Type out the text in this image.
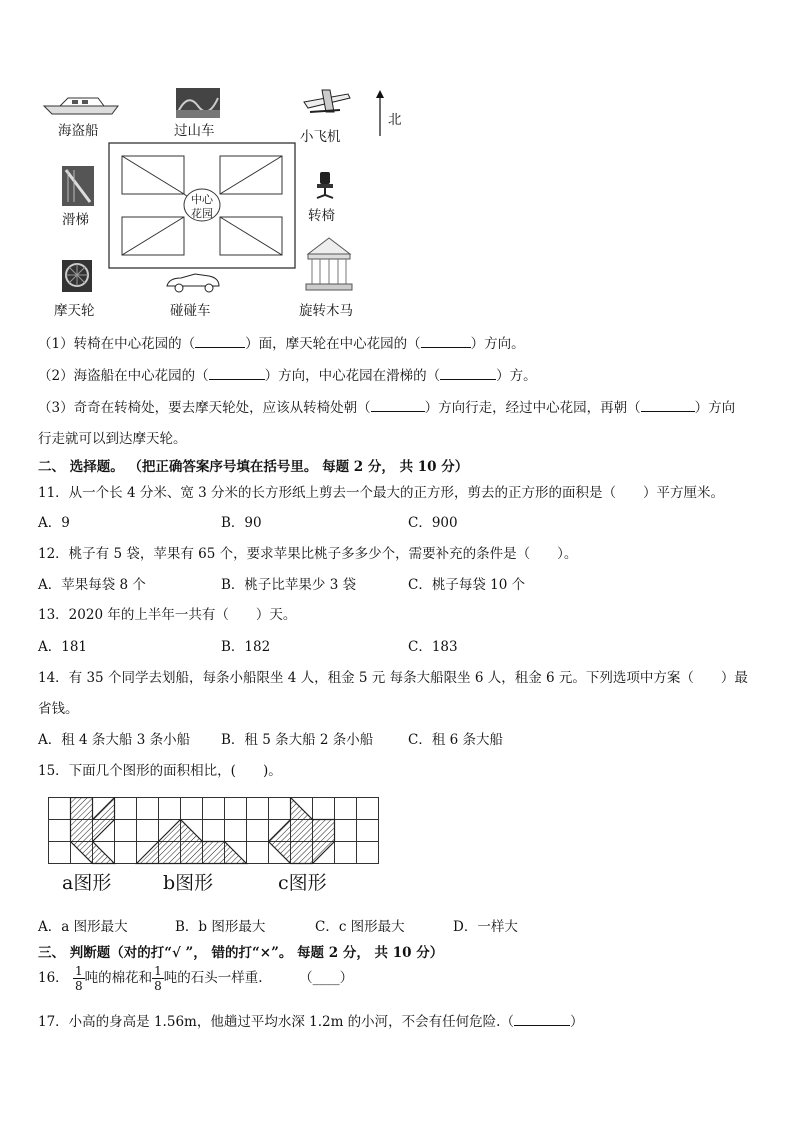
海盗船	过山车	小飞机
北
滑梯	转椅
摩天轮	碰碰车	旋转木马
中心
花园
（1）转椅在中心花园的（	）面，摩天轮在中心花园的（	）方向。
（2）海盗船在中心花园的（	）方向，中心花园在滑梯的（	）方。
（3）奇奇在转椅处，要去摩天轮处，应该从转椅处朝（	）方向行走，经过中心花园，再朝（	）方向
行走就可以到达摩天轮。
二、 选择题。 （把正确答案序号填在括号里。 每题 2 分， 共 10 分）
11．从一个长 4 分米、宽 3 分米的长方形纸上剪去一个最大的正方形，剪去的正方形的面积是（　　）平方厘米。
A．9	B．90	C．900
12．桃子有 5 袋，苹果有 65 个，要求苹果比桃子多多少个，需要补充的条件是（　　）。
A．苹果每袋 8 个	B．桃子比苹果少 3 袋	C．桃子每袋 10 个
13．2020 年的上半年一共有（　　）天。
A．181	B．182	C．183
14．有 35 个同学去划船，每条小船限坐 4 人，租金 5 元 每条大船限坐 6 人，租金 6 元。下列选项中方案（　　）最
省钱。
A．租 4 条大船 3 条小船 B．租 5 条大船 2 条小船	C．租 6 条大船
15．下面几个图形的面积相比，(　　)。
a图形	b图形	c图形
A．a 图形最大	B．b 图形最大	C．c 图形最大	D．一样大
三、 判断题（对的打“√ ”， 错的打“×”。 每题 2 分， 共 10 分）
16． $\frac{1}{8}$ 吨的棉花和 $\frac{1}{8}$ 吨的石头一样重.	（____）
17．小高的身高是 1.56m，他趟过平均水深 1.2m 的小河，不会有任何危险.（	）
